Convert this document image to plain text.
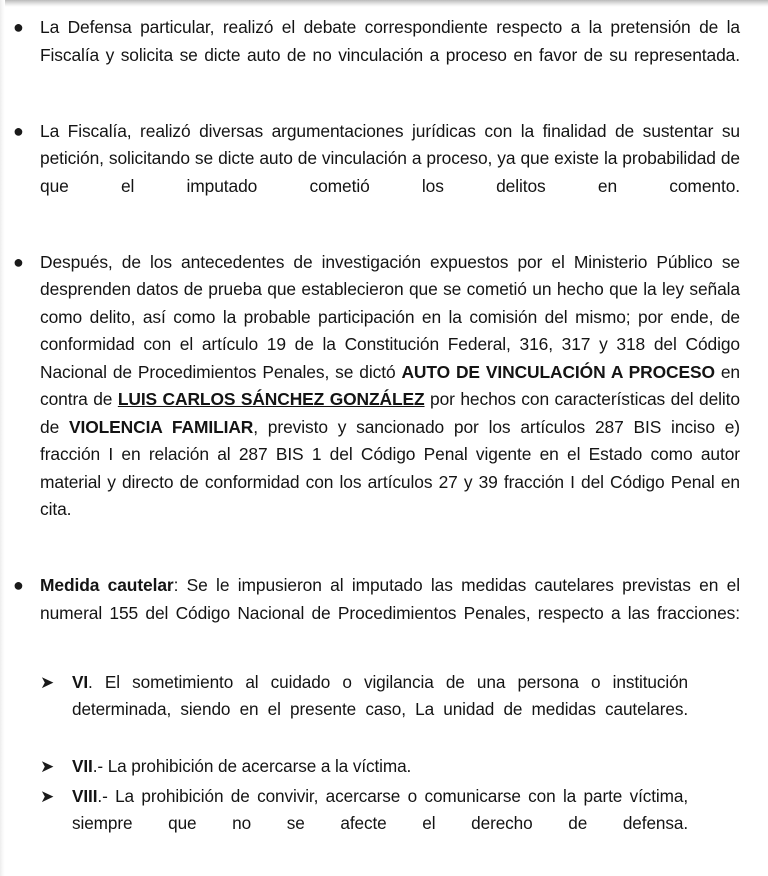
● La Defensa particular, realizó el debate correspondiente respecto a la pretensión de la Fiscalía y solicita se dicte auto de no vinculación a proceso en favor de su representada.

● La Fiscalía, realizó diversas argumentaciones jurídicas con la finalidad de sustentar su petición, solicitando se dicte auto de vinculación a proceso, ya que existe la probabilidad de que el imputado cometió los delitos en comento.

● Después, de los antecedentes de investigación expuestos por el Ministerio Público se desprenden datos de prueba que establecieron que se cometió un hecho que la ley señala como delito, así como la probable participación en la comisión del mismo; por ende, de conformidad con el artículo 19 de la Constitución Federal, 316, 317 y 318 del Código Nacional de Procedimientos Penales, se dictó AUTO DE VINCULACIÓN A PROCESO en contra de LUIS CARLOS SÁNCHEZ GONZÁLEZ por hechos con características del delito de VIOLENCIA FAMILIAR, previsto y sancionado por los artículos 287 BIS inciso e) fracción I en relación al 287 BIS 1 del Código Penal vigente en el Estado como autor material y directo de conformidad con los artículos 27 y 39 fracción I del Código Penal en cita.

● Medida cautelar: Se le impusieron al imputado las medidas cautelares previstas en el numeral 155 del Código Nacional de Procedimientos Penales, respecto a las fracciones:

➤ VI. El sometimiento al cuidado o vigilancia de una persona o institución determinada, siendo en el presente caso, La unidad de medidas cautelares.

➤ VII.- La prohibición de acercarse a la víctima.

➤ VIII.- La prohibición de convivir, acercarse o comunicarse con la parte víctima, siempre que no se afecte el derecho de defensa.
